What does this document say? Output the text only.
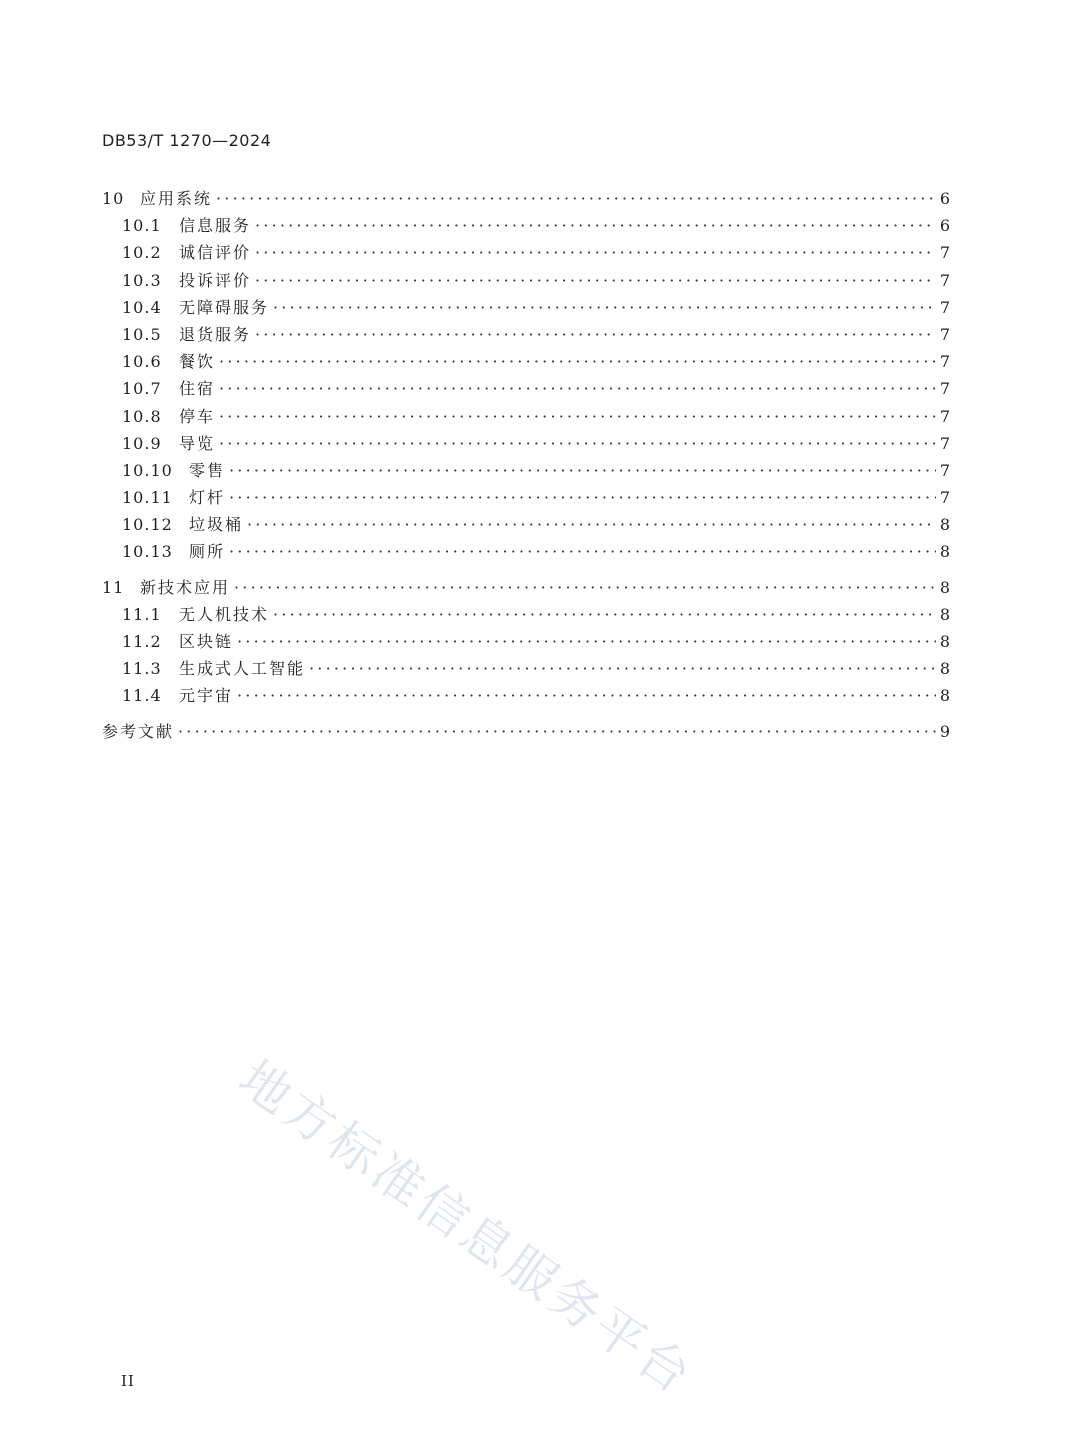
DB53/T 1270—2024
10 应用系统 ·····	6
10.1	信息服务 ·····	6
10.2	诚信评价 ·····	7
10.3	投诉评价 ·····	7
10.4	无障碍服务 ·····	7
10.5	退货服务 ·····	7
10.6	餐饮 ·····	7
10.7	住宿 ·····	7
10.8	停车 ·····	7
10.9	导览 ·····	7
10.10	零售 ·····	7
10.11	灯杆 ·····	7
10.12	垃圾桶 ·····	8
10.13	厕所 ·····	8
11 新技术应用 ·····	8
11.1	无人机技术 ·····	8
11.2	区块链 ·····	8
11.3	生成式人工智能 ·····	8
11.4	元宇宙 ·····	8
参考文献 ·····	9
地方标准信息服务平台
II
